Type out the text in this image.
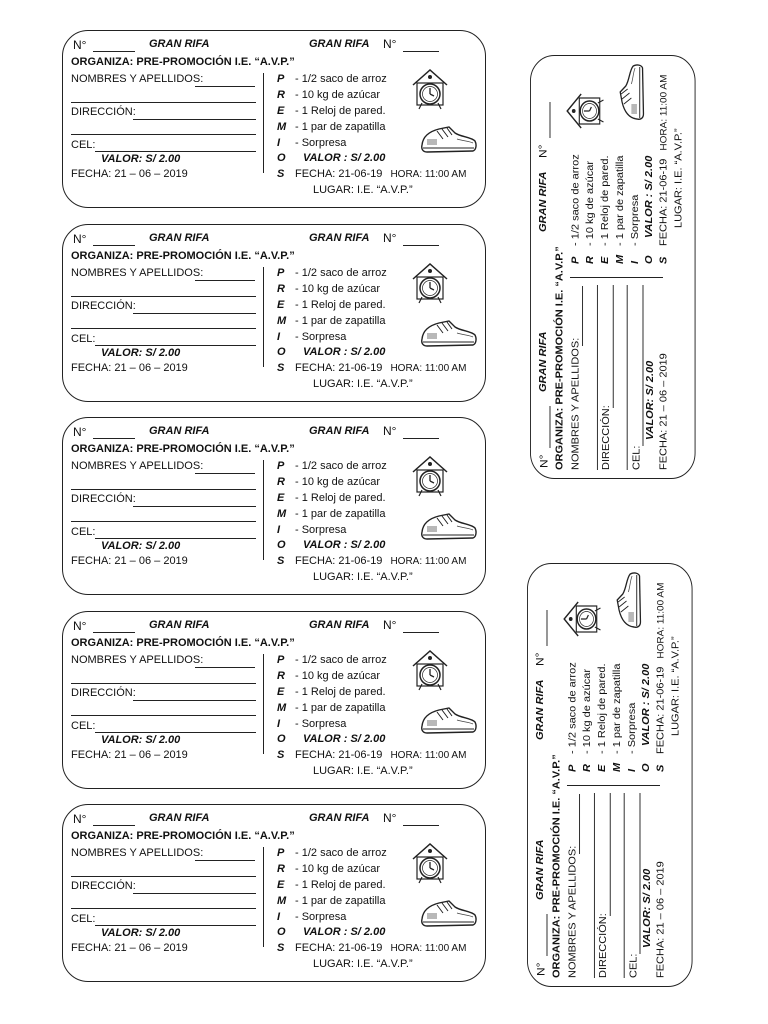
N°	GRAN RIFA	GRAN RIFA N°
ORGANIZA: PRE-PROMOCIÓN I.E. “A.V.P.”
NOMBRES Y APELLIDOS:
DIRECCIÓN:
CEL:
VALOR: S/ 2.00
FECHA: 21 – 06 – 2019
P - 1/2 saco de arroz
R - 10 kg de azúcar
E - 1 Reloj de pared.
M - 1 par de zapatilla
I - Sorpresa
O VALOR : S/ 2.00
S FECHA: 21-06-19 HORA: 11:00 AM
LUGAR: I.E. “A.V.P.”
N°	GRAN RIFA	GRAN RIFA N°
ORGANIZA: PRE-PROMOCIÓN I.E. “A.V.P.”
NOMBRES Y APELLIDOS:
DIRECCIÓN:
CEL:
VALOR: S/ 2.00
FECHA: 21 – 06 – 2019
P - 1/2 saco de arroz
R - 10 kg de azúcar
E - 1 Reloj de pared.
M - 1 par de zapatilla
I - Sorpresa
O VALOR : S/ 2.00
S FECHA: 21-06-19 HORA: 11:00 AM
LUGAR: I.E. “A.V.P.”
N°	GRAN RIFA	GRAN RIFA N°
ORGANIZA: PRE-PROMOCIÓN I.E. “A.V.P.”
NOMBRES Y APELLIDOS:
DIRECCIÓN:
CEL:
VALOR: S/ 2.00
FECHA: 21 – 06 – 2019
P - 1/2 saco de arroz
R - 10 kg de azúcar
E - 1 Reloj de pared.
M - 1 par de zapatilla
I - Sorpresa
O VALOR : S/ 2.00
S FECHA: 21-06-19 HORA: 11:00 AM
LUGAR: I.E. “A.V.P.”
N°	GRAN RIFA	GRAN RIFA N°
ORGANIZA: PRE-PROMOCIÓN I.E. “A.V.P.”
NOMBRES Y APELLIDOS:
DIRECCIÓN:
CEL:
VALOR: S/ 2.00
FECHA: 21 – 06 – 2019
P - 1/2 saco de arroz
R - 10 kg de azúcar
E - 1 Reloj de pared.
M - 1 par de zapatilla
I - Sorpresa
O VALOR : S/ 2.00
S FECHA: 21-06-19 HORA: 11:00 AM
LUGAR: I.E. “A.V.P.”
N°	GRAN RIFA	GRAN RIFA N°
ORGANIZA: PRE-PROMOCIÓN I.E. “A.V.P.”
NOMBRES Y APELLIDOS:
DIRECCIÓN:
CEL:
VALOR: S/ 2.00
FECHA: 21 – 06 – 2019
P - 1/2 saco de arroz
R - 10 kg de azúcar
E - 1 Reloj de pared.
M - 1 par de zapatilla
I - Sorpresa
O VALOR : S/ 2.00
S FECHA: 21-06-19 HORA: 11:00 AM
LUGAR: I.E. “A.V.P.”
N°
GRAN RIFA
GRAN RIFA
N°
ORGANIZA: PRE-PROMOCIÓN I.E. “A.V.P.” NOMBRES Y APELLIDOS: DIRECCIÓN: CEL:
VALOR: S/ 2.00 FECHA: 21 – 06 – 2019
P- 1/2 saco de arroz
R- 10 kg de azúcar
E- 1 Reloj de pared.
M- 1 par de zapatilla
I- Sorpresa
OVALOR : S/ 2.00
SFECHA: 21-06-19HORA: 11:00 AM
LUGAR: I.E. “A.V.P.”
N°
GRAN RIFA
GRAN RIFA
N°
ORGANIZA: PRE-PROMOCIÓN I.E. “A.V.P.” NOMBRES Y APELLIDOS: DIRECCIÓN: CEL:
VALOR: S/ 2.00 FECHA: 21 – 06 – 2019
P- 1/2 saco de arroz
R- 10 kg de azúcar
E- 1 Reloj de pared.
M- 1 par de zapatilla
I- Sorpresa
OVALOR : S/ 2.00
SFECHA: 21-06-19HORA: 11:00 AM
LUGAR: I.E. “A.V.P.”
